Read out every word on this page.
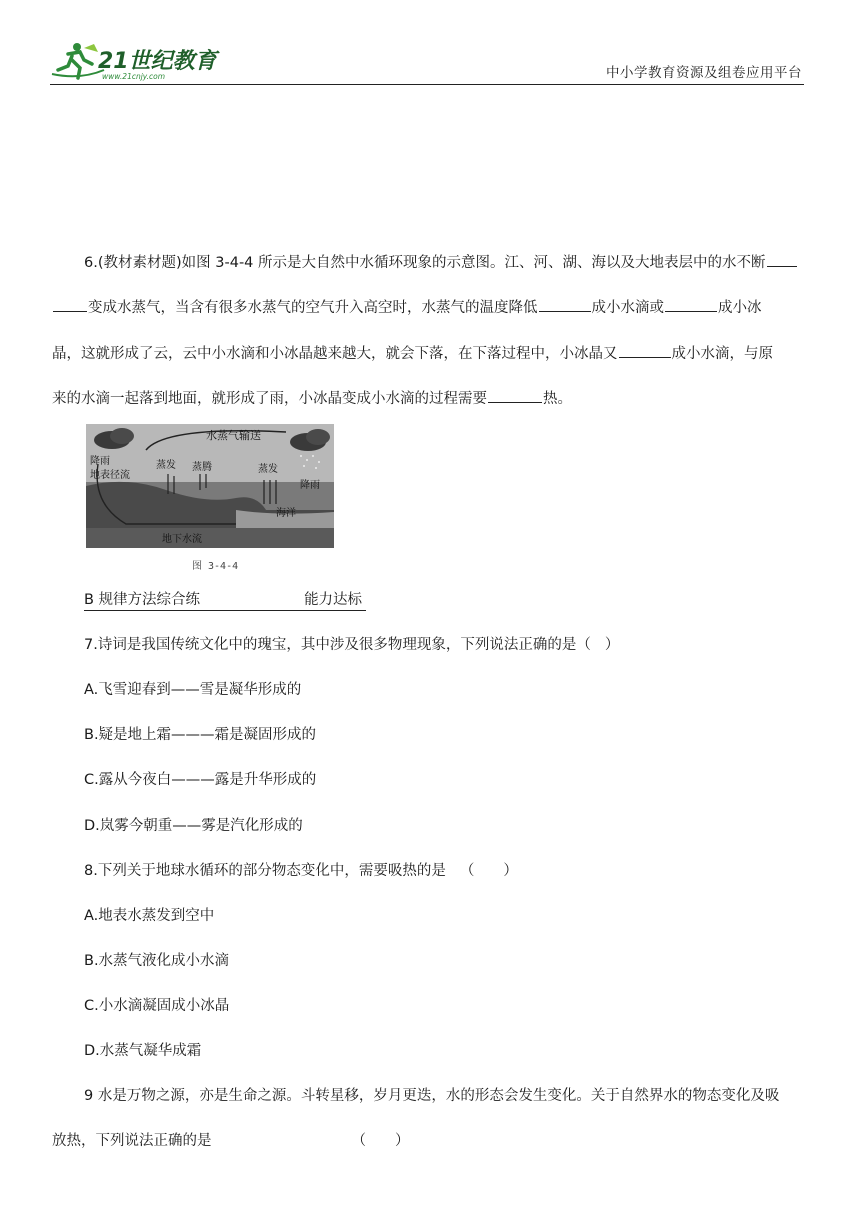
21世纪教育
www.21cnjy.com	中小学教育资源及组卷应用平台
6.(教材素材题)如图 3-4-4 所示是大自然中水循环现象的示意图。江、河、湖、海以及大地表层中的水不断
变成水蒸气，当含有很多水蒸气的空气升入高空时，水蒸气的温度降低	成小水滴或	成小冰
晶，这就形成了云，云中小水滴和小冰晶越来越大，就会下落，在下落过程中，小冰晶又	成小水滴，与原
来的水滴一起落到地面，就形成了雨，小冰晶变成小水滴的过程需要	热。
水蒸气输送
降雨
地表径流
蒸发 蒸腾	蒸发
降雨
海洋
地下水流
图 3-4-4
B 规律方法综合练	能力达标
7.诗词是我国传统文化中的瑰宝，其中涉及很多物理现象，下列说法正确的是（ ）
A.飞雪迎春到——雪是凝华形成的
B.疑是地上霜———霜是凝固形成的
C.露从今夜白———露是升华形成的
D.岚雾今朝重——雾是汽化形成的
8.下列关于地球水循环的部分物态变化中，需要吸热的是 （　　）
A.地表水蒸发到空中
B.水蒸气液化成小水滴
C.小水滴凝固成小冰晶
D.水蒸气凝华成霜
9 水是万物之源，亦是生命之源。斗转星移，岁月更迭，水的形态会发生变化。关于自然界水的物态变化及吸
放热，下列说法正确的是	（　　）
